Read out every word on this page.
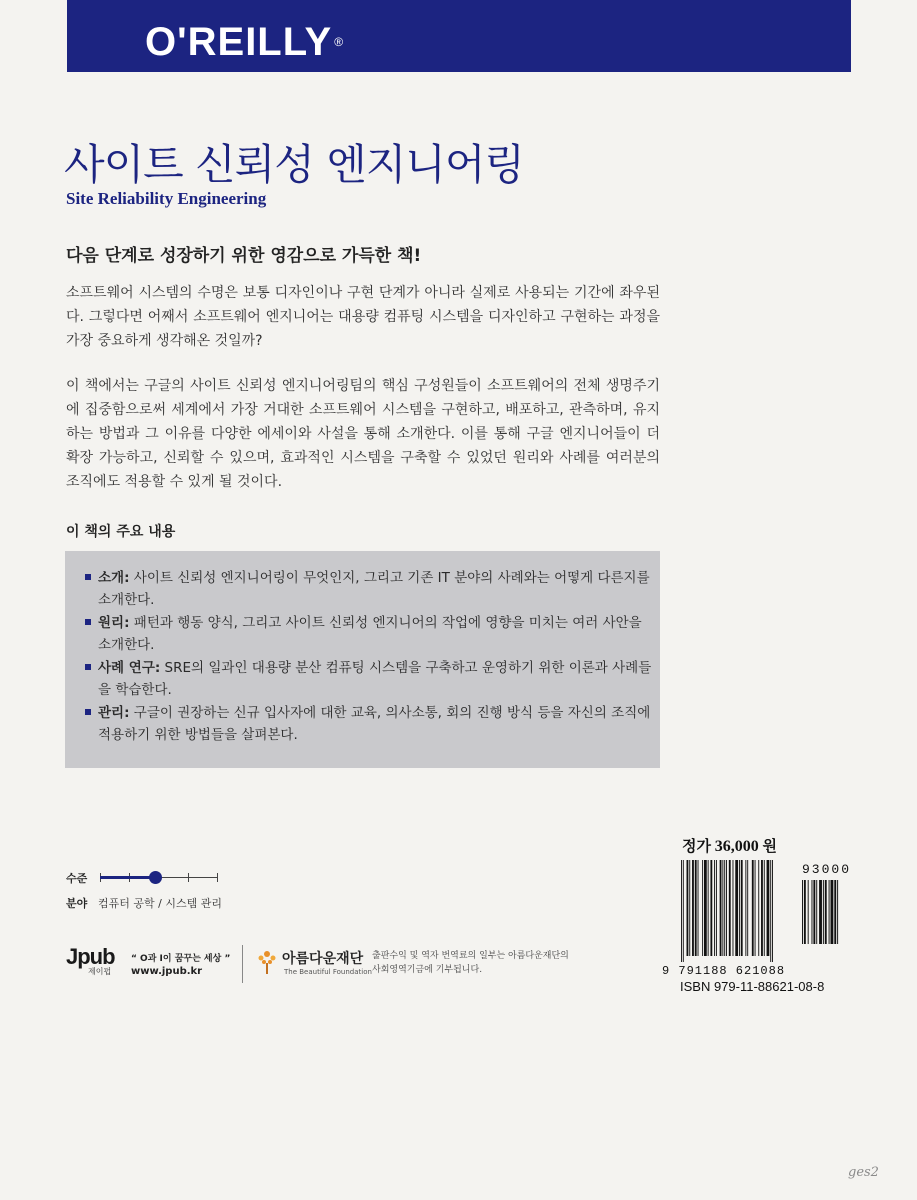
O'REILLY ®
사이트 신뢰성 엔지니어링
Site Reliability Engineering
다음 단계로 성장하기 위한 영감으로 가득한 책!

소프트웨어 시스템의 수명은 보통 디자인이나 구현 단계가 아니라 실제로 사용되는 기간에 좌우된다. 그렇다면 어째서 소프트웨어 엔지니어는 대용량 컴퓨팅 시스템을 디자인하고 구현하는 과정을 가장 중요하게 생각해온 것일까?

이 책에서는 구글의 사이트 신뢰성 엔지니어링팀의 핵심 구성원들이 소프트웨어의 전체 생명주기에 집중함으로써 세계에서 가장 거대한 소프트웨어 시스템을 구현하고, 배포하고, 관측하며, 유지하는 방법과 그 이유를 다양한 에세이와 사설을 통해 소개한다. 이를 통해 구글 엔지니어들이 더 확장 가능하고, 신뢰할 수 있으며, 효과적인 시스템을 구축할 수 있었던 원리와 사례를 여러분의 조직에도 적용할 수 있게 될 것이다.

이 책의 주요 내용
소개: 사이트 신뢰성 엔지니어링이 무엇인지, 그리고 기존 IT 분야의 사례와는 어떻게 다른지를 소개한다.
원리: 패턴과 행동 양식, 그리고 사이트 신뢰성 엔지니어의 작업에 영향을 미치는 여러 사안을 소개한다.
사례 연구: SRE의 일과인 대용량 분산 컴퓨팅 시스템을 구축하고 운영하기 위한 이론과 사례들을 학습한다.
관리: 구글이 권장하는 신규 입사자에 대한 교육, 의사소통, 회의 진행 방식 등을 자신의 조직에 적용하기 위한 방법들을 살펴본다.
수준
분야 컴퓨터 공학 / 시스템 관리
정가 36,000 원
93000
9 791188 621088
ISBN 979-11-88621-08-8
Jpub
제이펍
“ O과 I이 꿈꾸는 세상 ”
www.jpub.kr
아름다운재단
The Beautiful Foundation
출판수익 및 역자 번역료의 일부는 아름다운재단의 사회영역기금에 기부됩니다.
ges2
